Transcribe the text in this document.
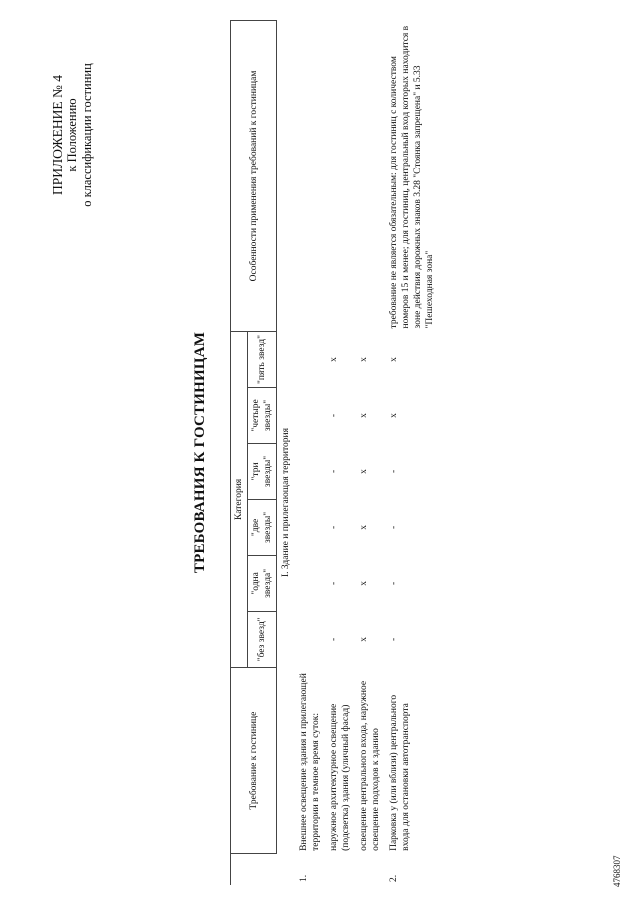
ПРИЛОЖЕНИЕ № 4 к Положению о классификации гостиниц
ТРЕБОВАНИЯ К ГОСТИНИЦАМ
	Требование к гостинице	Категория						Особенности применения требований к гостиницам
		"без звезд"	"одна звезда"	"две звезды"	"три звезды"	"четыре звезды"	"пять звезд"	
I. Здание и прилегающая территория								
1.	Внешнее освещение здания и прилегающей территории в темное время суток:							
	наружное архитектурное освещение (подсветка) здания (уличный фасад)	-	-	-	-	-	x	
	освещение центрального входа, наружное освещение подходов к зданию	x	x	x	x	x	x	
2.	Парковка у (или вблизи) центрального входа для остановки автотранспорта	-	-	-	-	x	x	требование не является обязательным: для гостиниц с количеством номеров 15 и менее; для гостиниц, центральный вход которых находится в зоне действия дорожных знаков 3.28 "Стоянка запрещена" и 5.33 "Пешеходная зона"

4768307
